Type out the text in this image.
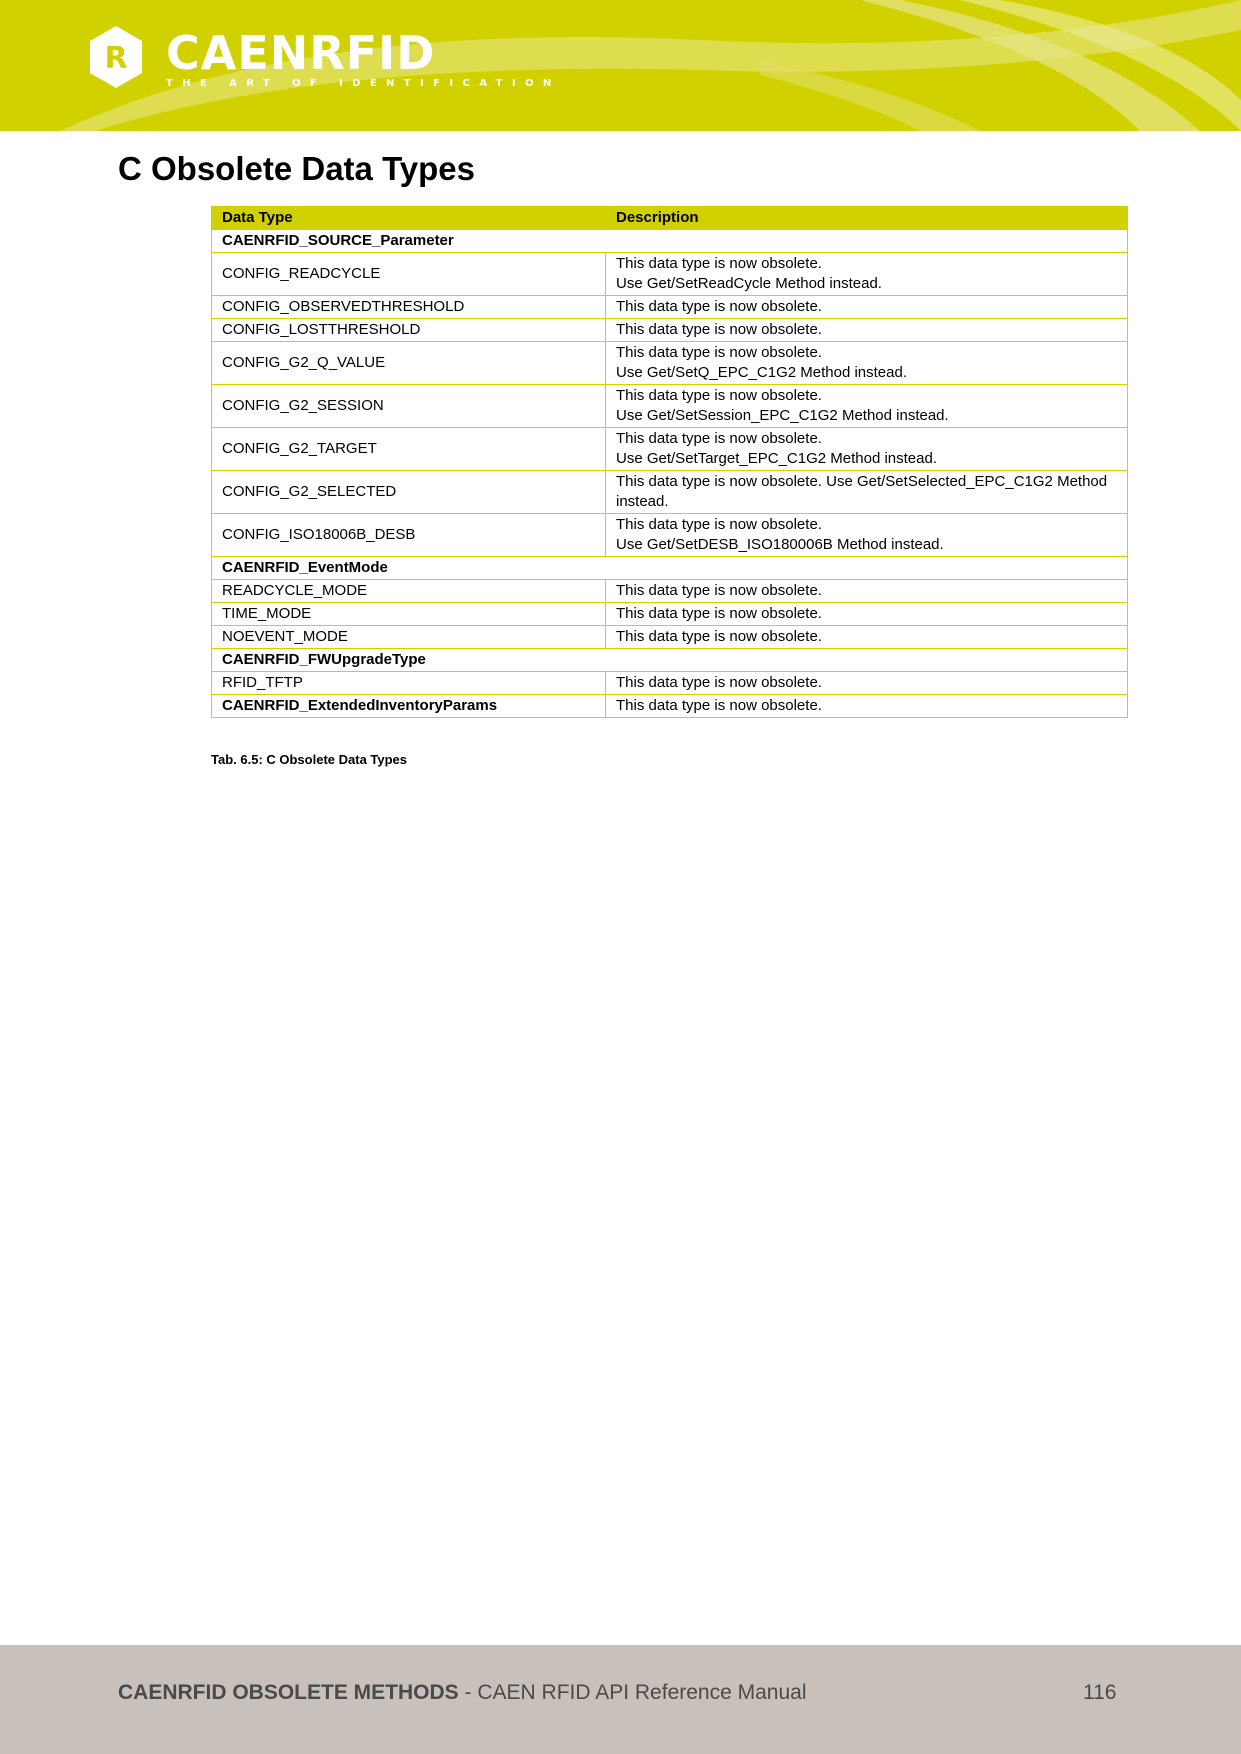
R CAENRFID
THE ART OF IDENTIFICATION
C Obsolete Data Types
Data Type	Description
CAENRFID_SOURCE_Parameter	
CONFIG_READCYCLE	This data type is now obsolete.
Use Get/SetReadCycle Method instead.

CONFIG_OBSERVEDTHRESHOLD	This data type is now obsolete.
CONFIG_LOSTTHRESHOLD	This data type is now obsolete.
CONFIG_G2_Q_VALUE	This data type is now obsolete.
Use Get/SetQ_EPC_C1G2 Method instead.

CONFIG_G2_SESSION	This data type is now obsolete.
Use Get/SetSession_EPC_C1G2 Method instead.

CONFIG_G2_TARGET	This data type is now obsolete.
Use Get/SetTarget_EPC_C1G2 Method instead.

CONFIG_G2_SELECTED	This data type is now obsolete. Use Get/SetSelected_EPC_C1G2 Method instead.
CONFIG_ISO18006B_DESB	This data type is now obsolete.
Use Get/SetDESB_ISO180006B Method instead.

CAENRFID_EventMode	
READCYCLE_MODE	This data type is now obsolete.
TIME_MODE	This data type is now obsolete.
NOEVENT_MODE	This data type is now obsolete.
CAENRFID_FWUpgradeType	
RFID_TFTP	This data type is now obsolete.
CAENRFID_ExtendedInventoryParams	This data type is now obsolete.
Tab. 6.5: C Obsolete Data Types
CAENRFID OBSOLETE METHODS - CAEN RFID API Reference Manual	116
